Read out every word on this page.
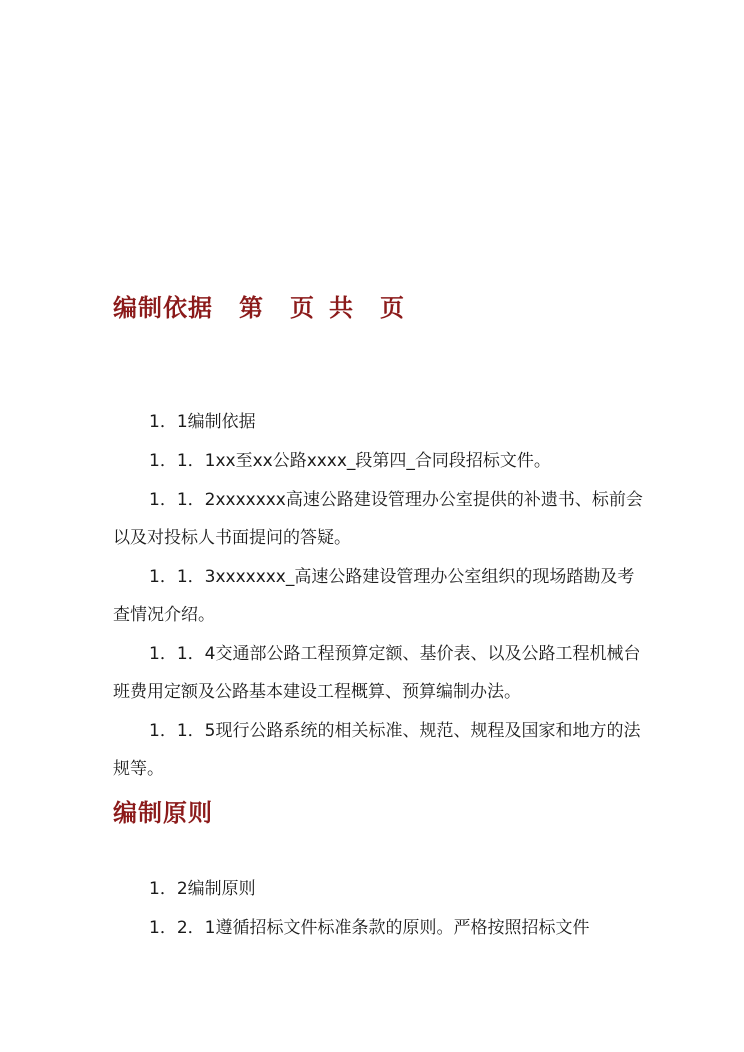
编制依据 第 页 共 页

1．1编制依据

1．1．1xx至xx公路xxxx_段第四_合同段招标文件。

1．1．2xxxxxxx高速公路建设管理办公室提供的补遗书、标前会以及对投标人书面提问的答疑。

1．1．3xxxxxxx_高速公路建设管理办公室组织的现场踏勘及考查情况介绍。

1．1．4交通部公路工程预算定额、基价表、以及公路工程机械台班费用定额及公路基本建设工程概算、预算编制办法。

1．1．5现行公路系统的相关标准、规范、规程及国家和地方的法规等。

编制原则

1．2编制原则

1．2．1遵循招标文件标准条款的原则。严格按照招标文件
